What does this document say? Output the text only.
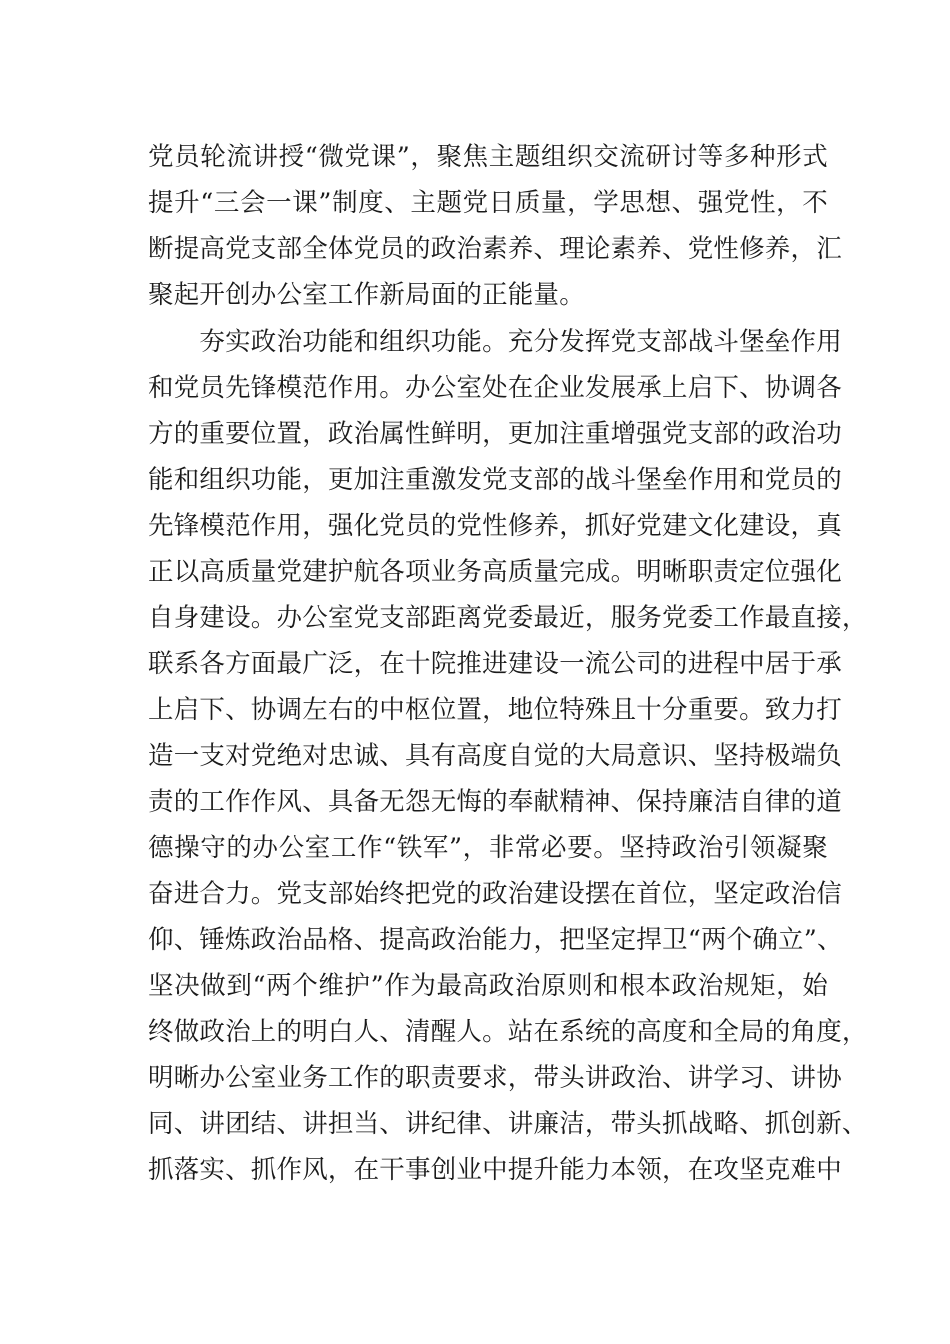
党员轮流讲授“微党课”，聚焦主题组织交流研讨等多种形式
提升“三会一课”制度、主题党日质量，学思想、强党性，不
断提高党支部全体党员的政治素养、理论素养、党性修养，汇
聚起开创办公室工作新局面的正能量。
　　夯实政治功能和组织功能。充分发挥党支部战斗堡垒作用
和党员先锋模范作用。办公室处在企业发展承上启下、协调各
方的重要位置，政治属性鲜明，更加注重增强党支部的政治功
能和组织功能，更加注重激发党支部的战斗堡垒作用和党员的
先锋模范作用，强化党员的党性修养，抓好党建文化建设，真
正以高质量党建护航各项业务高质量完成。明晰职责定位强化
自身建设。办公室党支部距离党委最近，服务党委工作最直接，
联系各方面最广泛，在十院推进建设一流公司的进程中居于承
上启下、协调左右的中枢位置，地位特殊且十分重要。致力打
造一支对党绝对忠诚、具有高度自觉的大局意识、坚持极端负
责的工作作风、具备无怨无悔的奉献精神、保持廉洁自律的道
德操守的办公室工作“铁军”，非常必要。坚持政治引领凝聚
奋进合力。党支部始终把党的政治建设摆在首位，坚定政治信
仰、锤炼政治品格、提高政治能力，把坚定捍卫“两个确立”、
坚决做到“两个维护”作为最高政治原则和根本政治规矩，始
终做政治上的明白人、清醒人。站在系统的高度和全局的角度，
明晰办公室业务工作的职责要求，带头讲政治、讲学习、讲协
同、讲团结、讲担当、讲纪律、讲廉洁，带头抓战略、抓创新、
抓落实、抓作风，在干事创业中提升能力本领，在攻坚克难中
